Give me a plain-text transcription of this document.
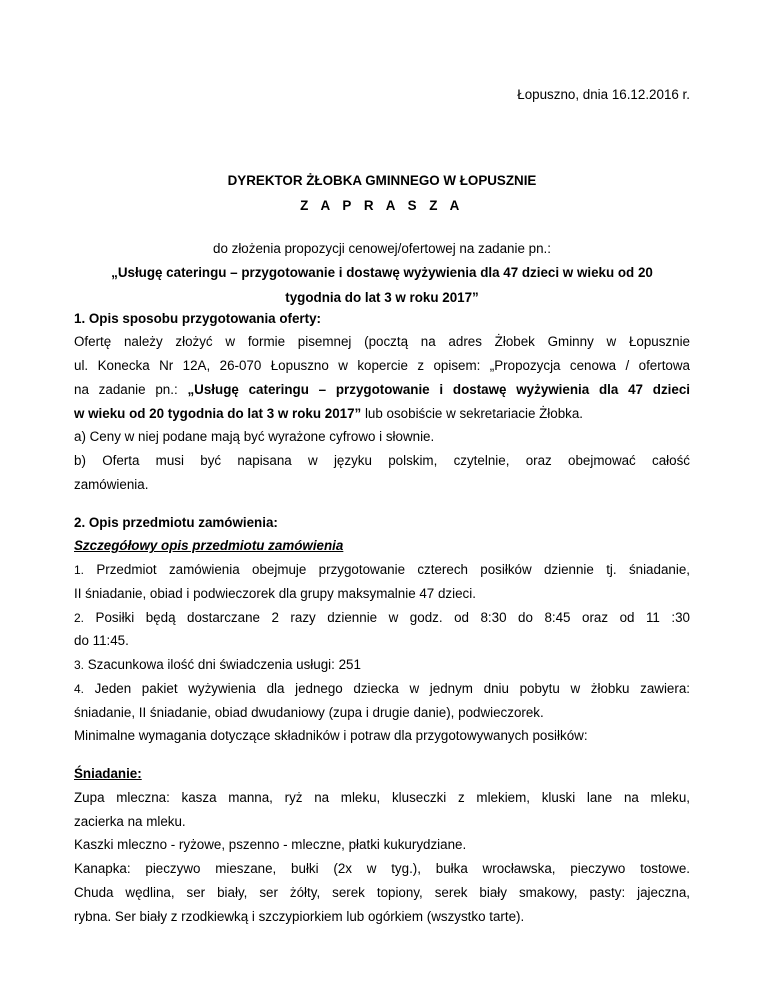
Łopuszno, dnia 16.12.2016 r.
DYREKTOR ŻŁOBKA GMINNEGO W ŁOPUSZNIE
Z A P R A S Z A
do złożenia propozycji cenowej/ofertowej na zadanie pn.:
„Usługę cateringu – przygotowanie i dostawę wyżywienia dla 47 dzieci w wieku od 20
tygodnia do lat 3 w roku 2017”
1. Opis sposobu przygotowania oferty:
Ofertę należy złożyć w formie pisemnej (pocztą na adres Żłobek Gminny w Łopusznie
ul. Konecka Nr 12A, 26-070 Łopuszno w kopercie z opisem: „Propozycja cenowa / ofertowa
na zadanie pn.: „Usługę cateringu – przygotowanie i dostawę wyżywienia dla 47 dzieci
w wieku od 20 tygodnia do lat 3 w roku 2017” lub osobiście w sekretariacie Żłobka.
a) Ceny w niej podane mają być wyrażone cyfrowo i słownie.
b) Oferta musi być napisana w języku polskim, czytelnie, oraz obejmować całość
zamówienia.
2. Opis przedmiotu zamówienia:
Szczegółowy opis przedmiotu zamówienia
1. Przedmiot zamówienia obejmuje przygotowanie czterech posiłków dziennie tj. śniadanie,
II śniadanie, obiad i podwieczorek dla grupy maksymalnie 47 dzieci.
2. Posiłki będą dostarczane 2 razy dziennie w godz. od 8:30 do 8:45 oraz od 11 :30
do 11:45.
3. Szacunkowa ilość dni świadczenia usługi: 251
4. Jeden pakiet wyżywienia dla jednego dziecka w jednym dniu pobytu w żłobku zawiera:
śniadanie, II śniadanie, obiad dwudaniowy (zupa i drugie danie), podwieczorek.
Minimalne wymagania dotyczące składników i potraw dla przygotowywanych posiłków:
Śniadanie:
Zupa mleczna: kasza manna, ryż na mleku, kluseczki z mlekiem, kluski lane na mleku,
zacierka na mleku.
Kaszki mleczno - ryżowe, pszenno - mleczne, płatki kukurydziane.
Kanapka: pieczywo mieszane, bułki (2x w tyg.), bułka wrocławska, pieczywo tostowe.
Chuda wędlina, ser biały, ser żółty, serek topiony, serek biały smakowy, pasty: jajeczna,
rybna. Ser biały z rzodkiewką i szczypiorkiem lub ogórkiem (wszystko tarte).
